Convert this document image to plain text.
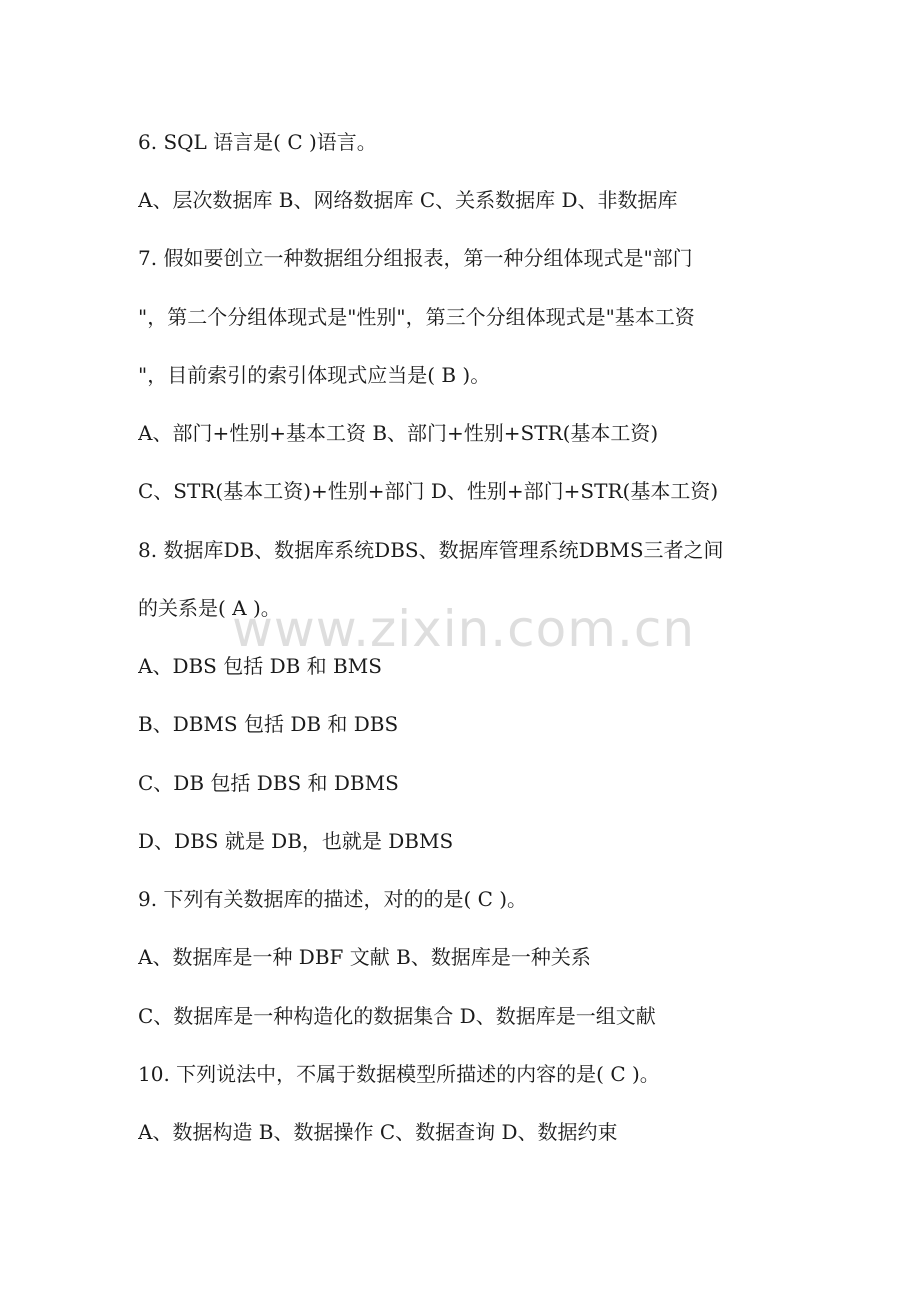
6. SQL 语言是( C )语言。
A、层次数据库 B、网络数据库 C、关系数据库 D、非数据库
7. 假如要创立一种数据组分组报表，第一种分组体现式是"部门
"，第二个分组体现式是"性别"，第三个分组体现式是"基本工资
"，目前索引的索引体现式应当是( B )。
A、部门+性别+基本工资 B、部门+性别+STR(基本工资)
C、STR(基本工资)+性别+部门 D、性别+部门+STR(基本工资)
8. 数据库DB、数据库系统DBS、数据库管理系统DBMS三者之间
的关系是( A )。
A、DBS 包括 DB 和 BMS
B、DBMS 包括 DB 和 DBS
C、DB 包括 DBS 和 DBMS
D、DBS 就是 DB，也就是 DBMS
9. 下列有关数据库的描述，对的的是( C )。
A、数据库是一种 DBF 文献 B、数据库是一种关系
C、数据库是一种构造化的数据集合 D、数据库是一组文献
10. 下列说法中，不属于数据模型所描述的内容的是( C )。
A、数据构造 B、数据操作 C、数据查询 D、数据约束
www.zixin.com.cn
